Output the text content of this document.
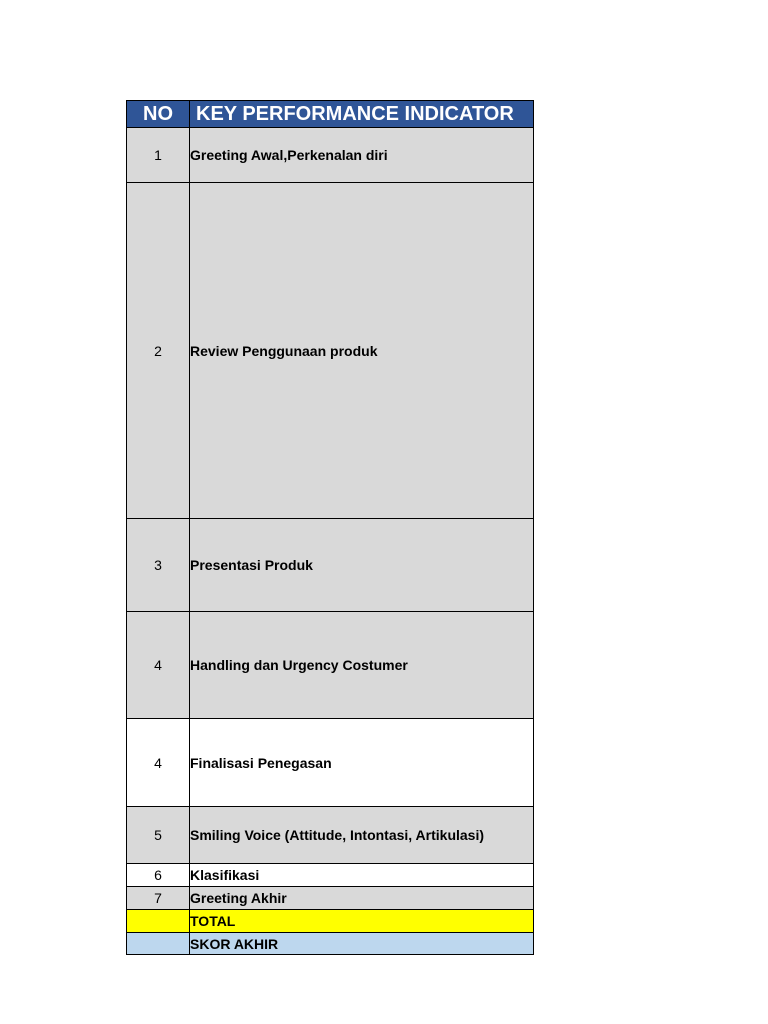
NO	KEY PERFORMANCE INDICATOR
1	Greeting Awal,Perkenalan diri
2	Review Penggunaan produk
3	Presentasi Produk
4	Handling dan Urgency Costumer
4	Finalisasi Penegasan
5	Smiling Voice (Attitude, Intontasi, Artikulasi)
6	Klasifikasi
7	Greeting Akhir
	TOTAL
	SKOR AKHIR
